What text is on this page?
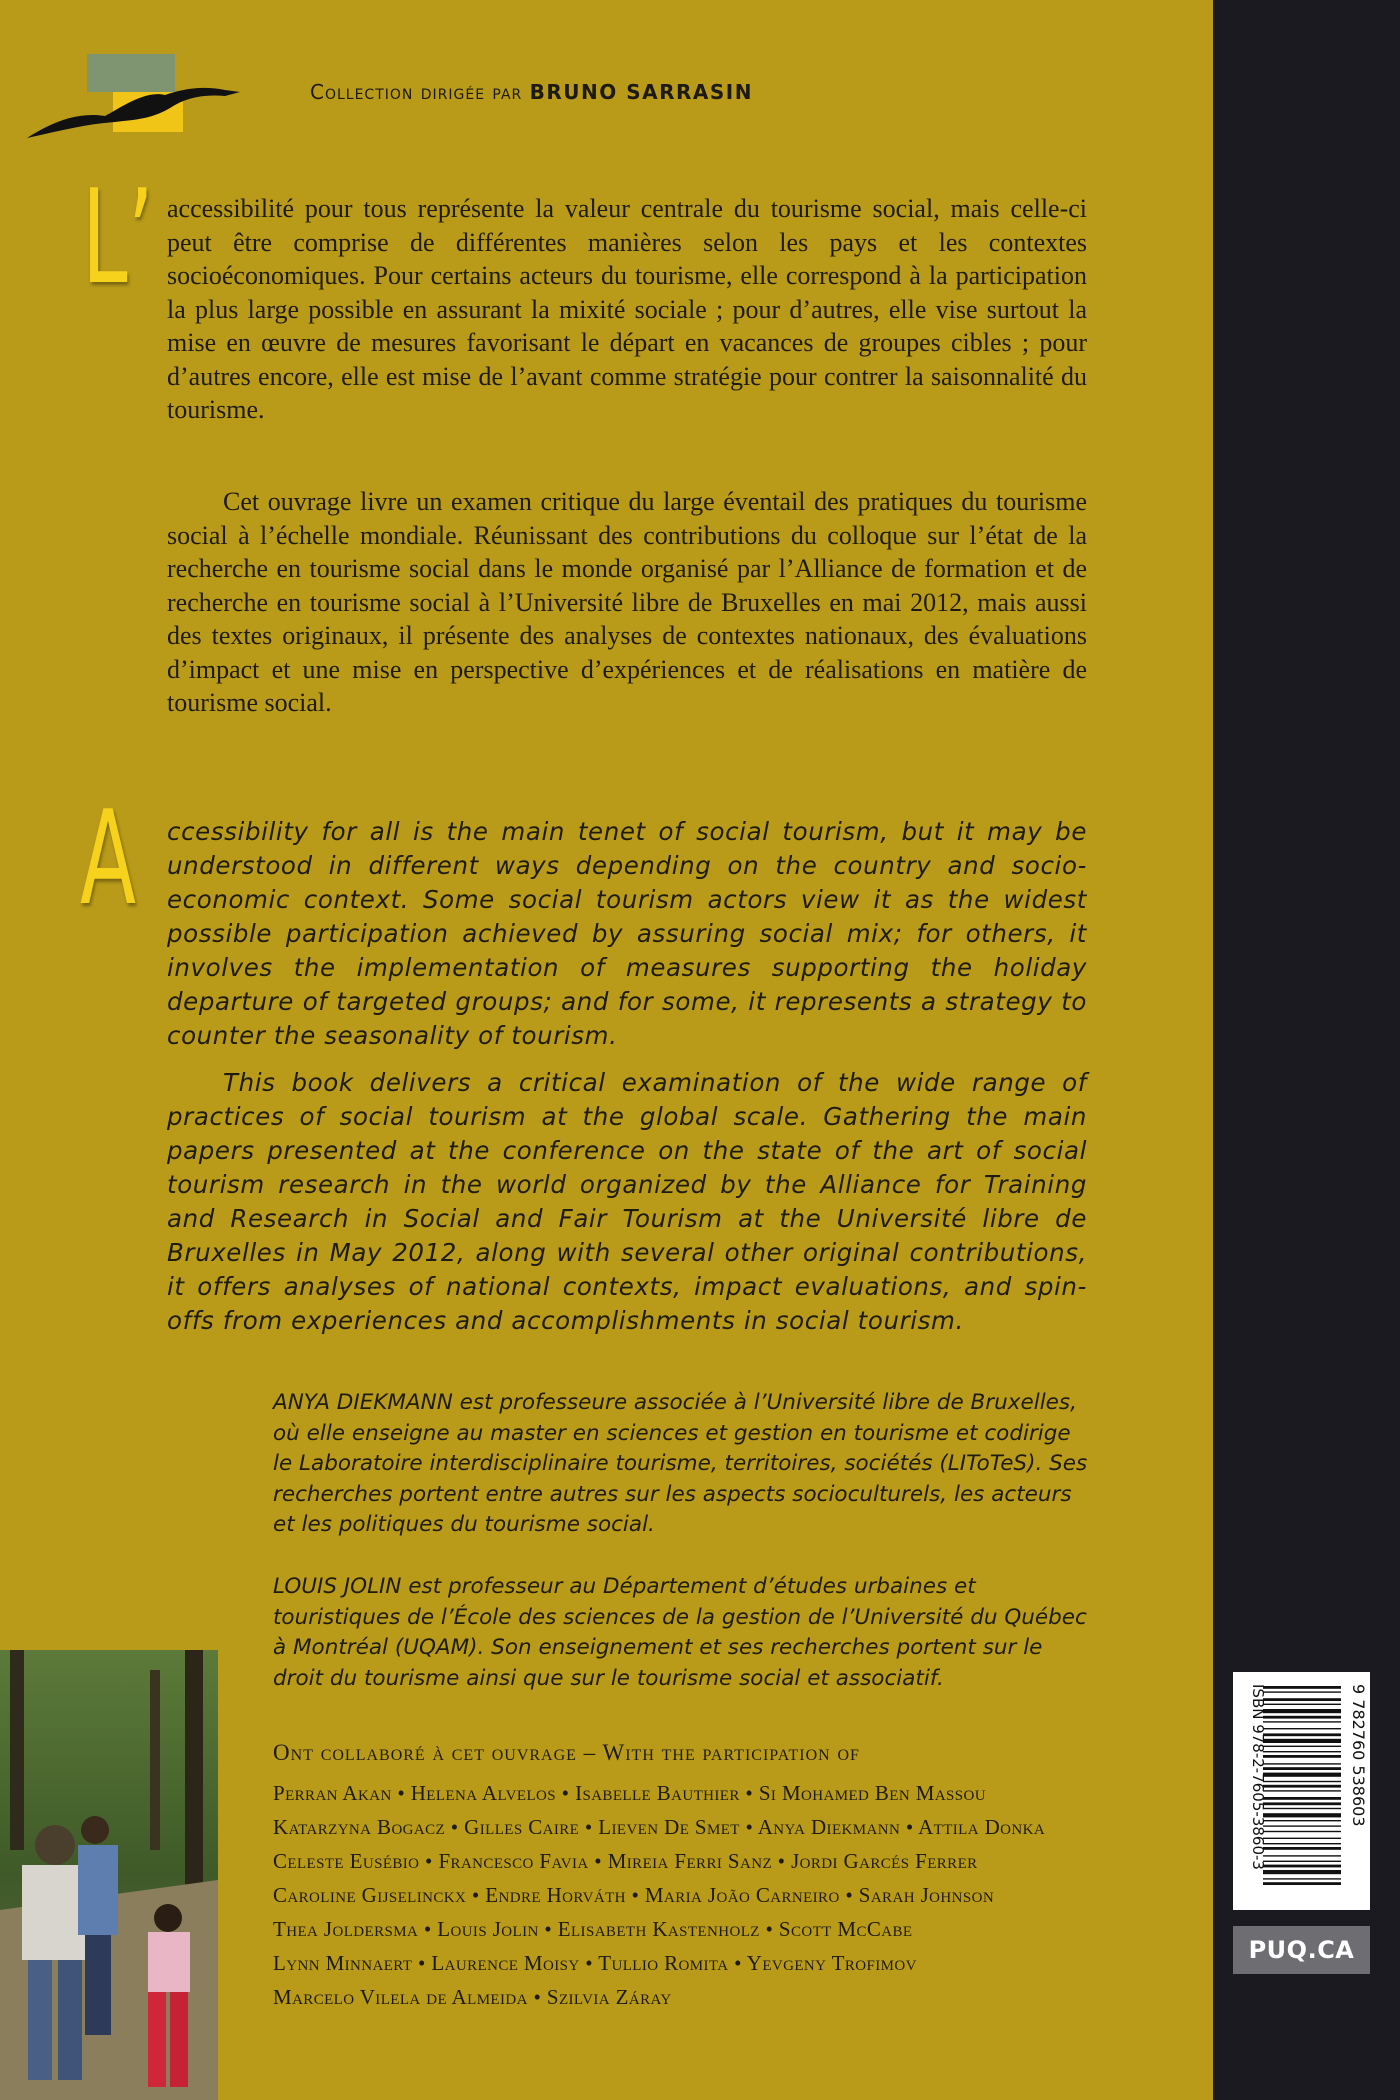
Collection dirigée par BRUNO SARRASIN
L’ accessibilité pour tous représente la valeur centrale du tourisme social, mais celle-ci peut être comprise de différentes manières selon les pays et les contextes socioéconomiques. Pour certains acteurs du tourisme, elle correspond à la participation la plus large possible en assurant la mixité sociale ; pour d’autres, elle vise surtout la mise en œuvre de mesures favorisant le départ en vacances de groupes cibles ; pour d’autres encore, elle est mise de l’avant comme stratégie pour contrer la saisonnalité du tourisme.
Cet ouvrage livre un examen critique du large éventail des pratiques du tourisme social à l’échelle mondiale. Réunissant des contributions du colloque sur l’état de la recherche en tourisme social dans le monde organisé par l’Alliance de formation et de recherche en tourisme social à l’Université libre de Bruxelles en mai 2012, mais aussi des textes originaux, il présente des analyses de contextes nationaux, des évaluations d’impact et une mise en perspective d’expériences et de réalisations en matière de tourisme social.
A ccessibility for all is the main tenet of social tourism, but it may be understood in different ways depending on the country and socio-economic context. Some social tourism actors view it as the widest possible participation achieved by assuring social mix; for others, it involves the implementation of measures supporting the holiday departure of targeted groups; and for some, it represents a strategy to counter the seasonality of tourism.
This book delivers a critical examination of the wide range of practices of social tourism at the global scale. Gathering the main papers presented at the conference on the state of the art of social tourism research in the world organized by the Alliance for Training and Research in Social and Fair Tourism at the Université libre de Bruxelles in May 2012, along with several other original contributions, it offers analyses of national contexts, impact evaluations, and spin-offs from experiences and accomplishments in social tourism.
ANYA DIEKMANN est professeure associée à l’Université libre de Bruxelles, où elle enseigne au master en sciences et gestion en tourisme et codirige le Laboratoire interdisciplinaire tourisme, territoires, sociétés (LIToTeS). Ses recherches portent entre autres sur les aspects socioculturels, les acteurs et les politiques du tourisme social.
LOUIS JOLIN est professeur au Département d’études urbaines et touristiques de l’École des sciences de la gestion de l’Université du Québec à Montréal (UQAM). Son enseignement et ses recherches portent sur le droit du tourisme ainsi que sur le tourisme social et associatif.
Ont collaboré à cet ouvrage – With the participation of
Perran Akan • Helena Alvelos • Isabelle Bauthier • Si Mohamed Ben Massou
Katarzyna Bogacz • Gilles Caire • Lieven De Smet • Anya Diekmann • Attila Donka
Celeste Eusébio • Francesco Favia • Mireia Ferri Sanz • Jordi Garcés Ferrer
Caroline Gijselinckx • Endre Horváth • Maria João Carneiro • Sarah Johnson
Thea Joldersma • Louis Jolin • Elisabeth Kastenholz • Scott McCabe
Lynn Minnaert • Laurence Moisy • Tullio Romita • Yevgeny Trofimov
Marcelo Vilela de Almeida • Szilvia Záray
ISBN 978-2-7605-3860-3	9 782760 538603
PUQ.CA
